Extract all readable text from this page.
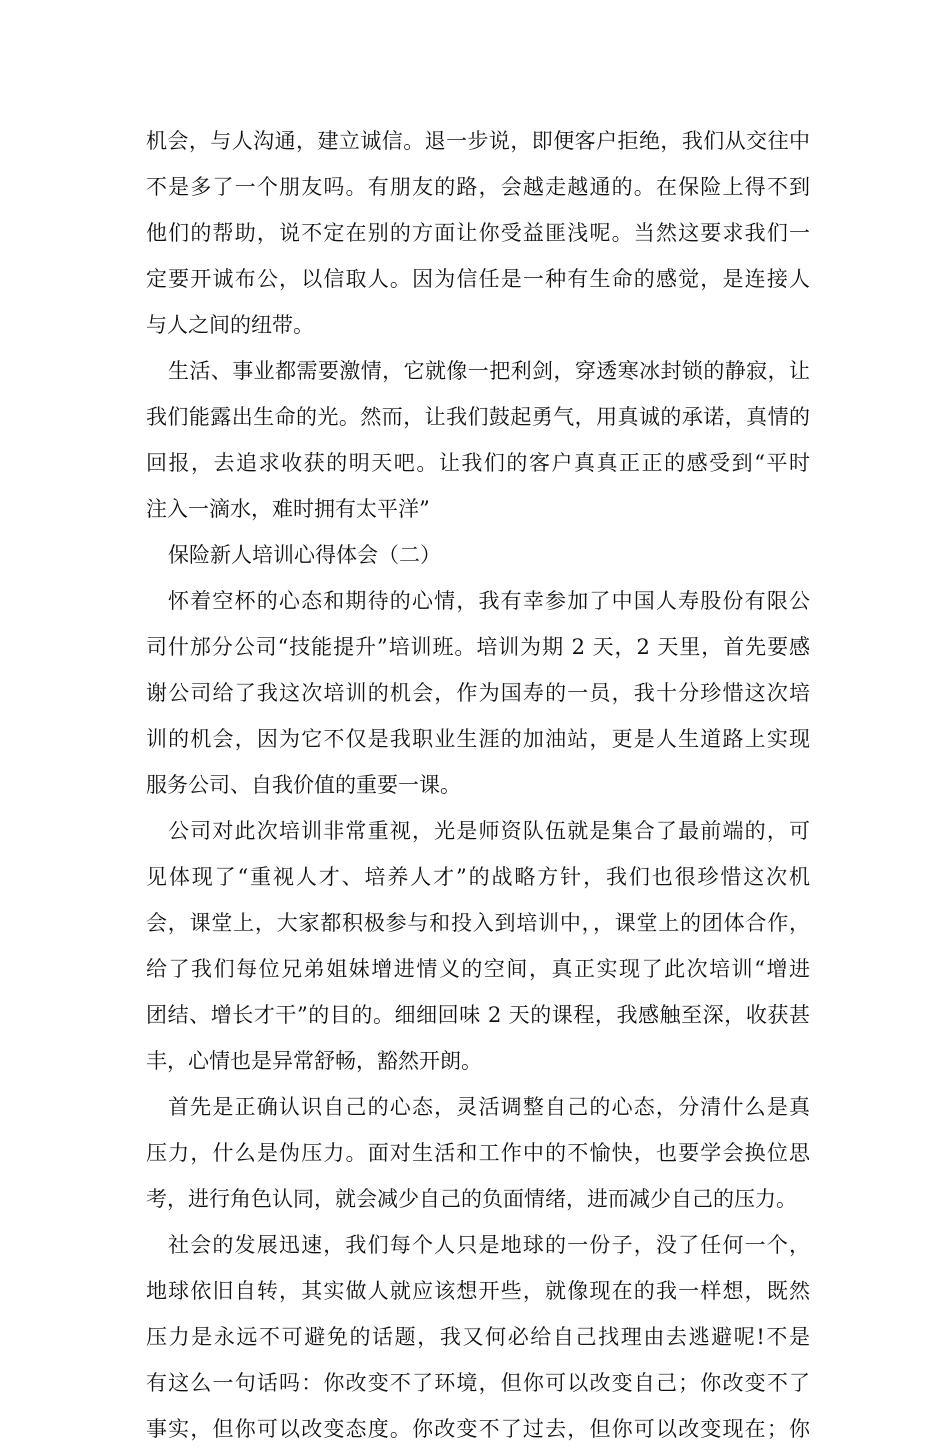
机会，与人沟通，建立诚信。退一步说，即便客户拒绝，我们从交往中
不是多了一个朋友吗。有朋友的路，会越走越通的。在保险上得不到
他们的帮助，说不定在别的方面让你受益匪浅呢。当然这要求我们一
定要开诚布公，以信取人。因为信任是一种有生命的感觉，是连接人
与人之间的纽带。
生活、事业都需要激情，它就像一把利剑，穿透寒冰封锁的静寂，让
我们能露出生命的光。然而，让我们鼓起勇气，用真诚的承诺，真情的
回报，去追求收获的明天吧。让我们的客户真真正正的感受到“平时
注入一滴水，难时拥有太平洋”
保险新人培训心得体会（二）
怀着空杯的心态和期待的心情，我有幸参加了中国人寿股份有限公
司什邡分公司“技能提升”培训班。培训为期 2 天，2 天里，首先要感
谢公司给了我这次培训的机会，作为国寿的一员，我十分珍惜这次培
训的机会，因为它不仅是我职业生涯的加油站，更是人生道路上实现
服务公司、自我价值的重要一课。
公司对此次培训非常重视，光是师资队伍就是集合了最前端的，可
见体现了“重视人才、培养人才”的战略方针，我们也很珍惜这次机
会，课堂上，大家都积极参与和投入到培训中，，课堂上的团体合作，
给了我们每位兄弟姐妹增进情义的空间，真正实现了此次培训“增进
团结、增长才干”的目的。细细回味 2 天的课程，我感触至深，收获甚
丰，心情也是异常舒畅，豁然开朗。
首先是正确认识自己的心态，灵活调整自己的心态，分清什么是真
压力，什么是伪压力。面对生活和工作中的不愉快，也要学会换位思
考，进行角色认同，就会减少自己的负面情绪，进而减少自己的压力。
社会的发展迅速，我们每个人只是地球的一份子，没了任何一个，
地球依旧自转，其实做人就应该想开些，就像现在的我一样想，既然
压力是永远不可避免的话题，我又何必给自己找理由去逃避呢!不是
有这么一句话吗：你改变不了环境，但你可以改变自己；你改变不了
事实，但你可以改变态度。你改变不了过去，但你可以改变现在；你
